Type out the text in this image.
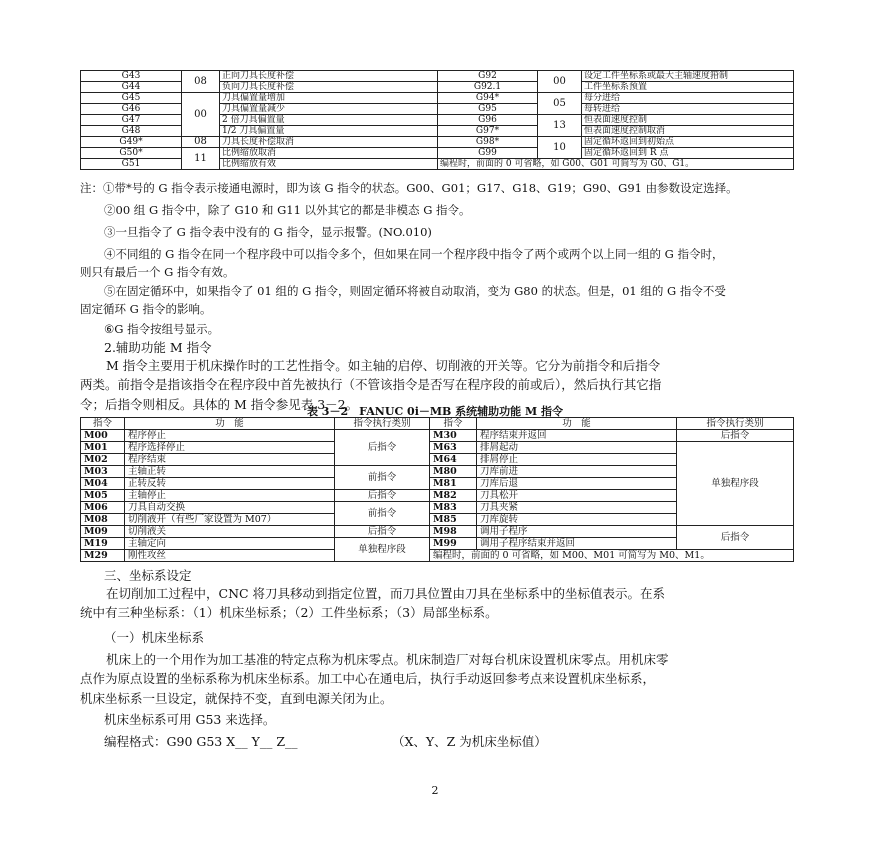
G43	08	正向刀具长度补偿	G92	00	设定工件坐标系或最大主轴速度箝制
G44		负向刀具长度补偿	G92.1		工件坐标系预置
G45	00	刀具偏置量增加	G94*	05	每分进给
G46		刀具偏置量减少	G95		每转进给
G47		2 倍刀具偏置量	G96	13	恒表面速度控制
G48		1/2 刀具偏置量	G97*		恒表面速度控制取消
G49*	08	刀具长度补偿取消	G98*	10	固定循环返回到初始点
G50*	11	比例缩放取消	G99		固定循环返回到 R 点
G51		比例缩放有效	编程时，前面的 0 可省略，如 G00、G01 可简写为 G0、G1。		
注：①带*号的 G 指令表示接通电源时，即为该 G 指令的状态。G00、G01；G17、G18、G19；G90、G91 由参数设定选择。
②00 组 G 指令中，除了 G10 和 G11 以外其它的都是非模态 G 指令。
③一旦指令了 G 指令表中没有的 G 指令，显示报警。(NO.010)
④不同组的 G 指令在同一个程序段中可以指令多个，但如果在同一个程序段中指令了两个或两个以上同一组的 G 指令时，
则只有最后一个 G 指令有效。
⑤在固定循环中，如果指令了 01 组的 G 指令，则固定循环将被自动取消，变为 G80 的状态。但是，01 组的 G 指令不受
固定循环 G 指令的影响。
⑥G 指令按组号显示。
2.辅助功能 M 指令
M 指令主要用于机床操作时的工艺性指令。如主轴的启停、切削液的开关等。它分为前指令和后指令
两类。前指令是指该指令在程序段中首先被执行（不管该指令是否写在程序段的前或后），然后执行其它指
令；后指令则相反。具体的 M 指令参见表 3－2。
表 3－2　FANUC 0i－MB 系统辅助功能 M 指令
指令	功　能	指令执行类别	指令	功　能	指令执行类别
M00	程序停止	后指令	M30	程序结束并返回	后指令
M01	程序选择停止		M63	排屑起动	单独程序段
M02	程序结束		M64	排屑停止	
M03	主轴正转	前指令	M80	刀库前进	
M04	正转反转		M81	刀库后退	
M05	主轴停止	后指令	M82	刀具松开	
M06	刀具自动交换	前指令	M83	刀具夹紧	
M08	切削液开（有些厂家设置为 M07）		M85	刀库旋转	
M09	切削液关	后指令	M98	调用子程序	后指令
M19	主轴定向	单独程序段	M99	调用子程序结束并返回	
M29	刚性攻丝		编程时，前面的 0 可省略，如 M00、M01 可简写为 M0、M1。		
三、坐标系设定
在切削加工过程中，CNC 将刀具移动到指定位置，而刀具位置由刀具在坐标系中的坐标值表示。在系
统中有三种坐标系：（1）机床坐标系；（2）工件坐标系；（3）局部坐标系。
（一）机床坐标系
机床上的一个用作为加工基准的特定点称为机床零点。机床制造厂对每台机床设置机床零点。用机床零
点作为原点设置的坐标系称为机床坐标系。加工中心在通电后，执行手动返回参考点来设置机床坐标系，
机床坐标系一旦设定，就保持不变，直到电源关闭为止。
机床坐标系可用 G53 来选择。
编程格式：G90 G53 X__ Y__ Z__	（X、Y、Z 为机床坐标值）
2
